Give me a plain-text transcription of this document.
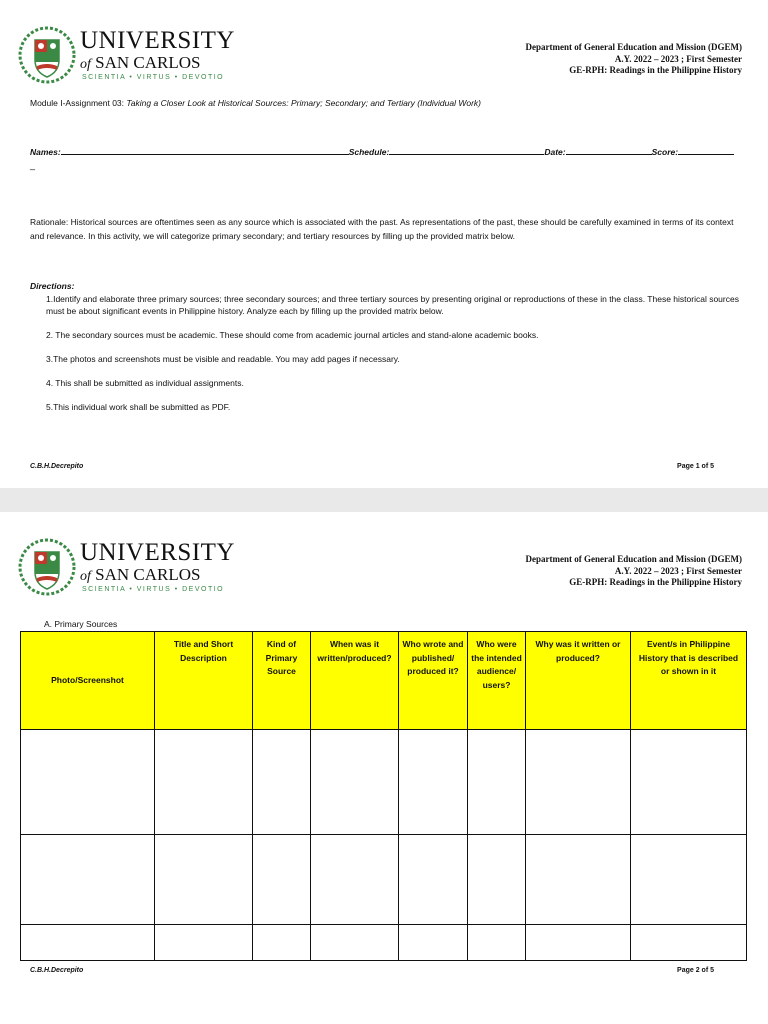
UNIVERSITY
of SAN CARLOS
SCIENTIA • VIRTUS • DEVOTIO
Department of General Education and Mission (DGEM)
A.Y. 2022 – 2023 ; First Semester
GE-RPH: Readings in the Philippine History
Module I-Assignment 03: Taking a Closer Look at Historical Sources: Primary; Secondary; and Tertiary (Individual Work)
Names:	Schedule:	Date:	Score:
_
Rationale: Historical sources are oftentimes seen as any source which is associated with the past. As representations of the past, these should be carefully examined in terms of its context and relevance. In this activity, we will categorize primary secondary; and tertiary resources by filling up the provided matrix below.
Directions:
1.Identify and elaborate three primary sources; three secondary sources; and three tertiary sources by presenting original or reproductions of these in the class. These historical sources must be about significant events in Philippine history. Analyze each by filling up the provided matrix below.
2. The secondary sources must be academic. These should come from academic journal articles and stand-alone academic books.
3.The photos and screenshots must be visible and readable. You may add pages if necessary.
4. This shall be submitted as individual assignments.
5.This individual work shall be submitted as PDF.
C.B.H.Decrepito	Page 1 of 5
UNIVERSITY
of SAN CARLOS
SCIENTIA • VIRTUS • DEVOTIO
Department of General Education and Mission (DGEM)
A.Y. 2022 – 2023 ; First Semester
GE-RPH: Readings in the Philippine History
A. Primary Sources
Photo/Screenshot	Title and Short Description	Kind of Primary Source	When was it written/produced?	Who wrote and published/ produced it?	Who were the intended audience/ users?	Why was it written or produced?	Event/s in Philippine History that is described or shown in it

C.B.H.Decrepito	Page 2 of 5
